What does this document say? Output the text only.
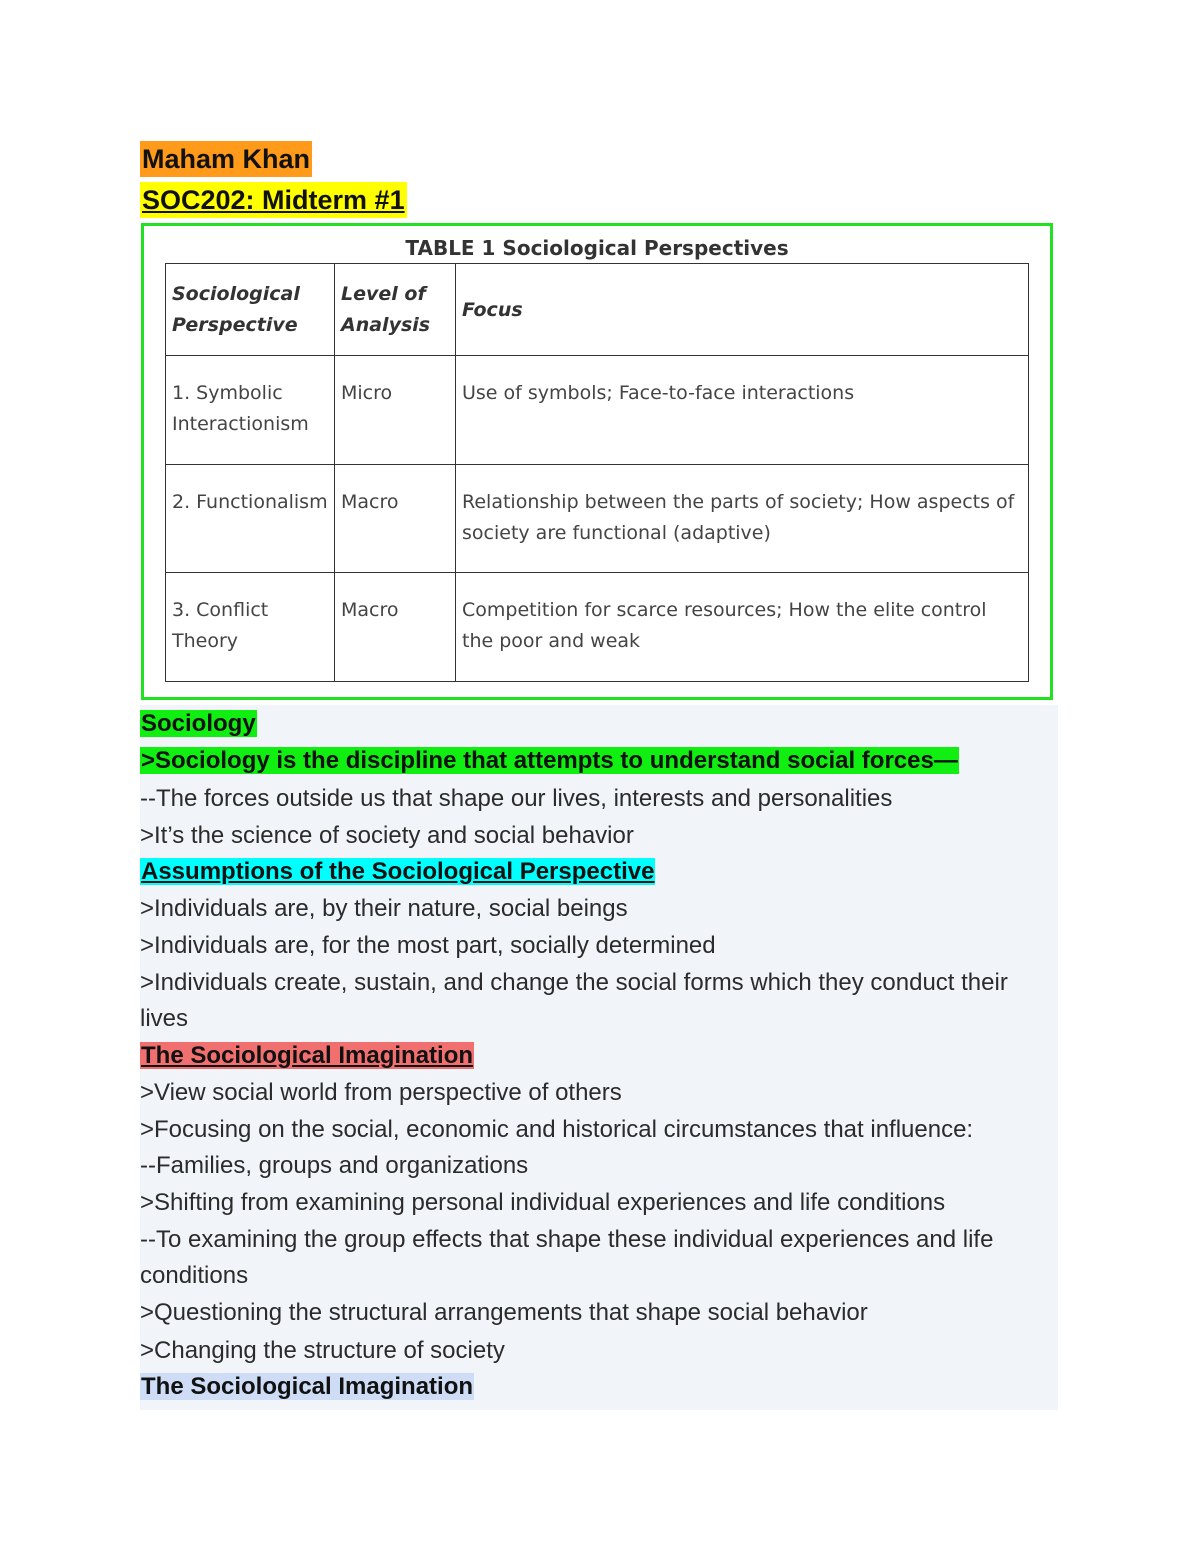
Maham Khan
SOC202: Midterm #1
TABLE 1 Sociological Perspectives
Sociological Perspective	Level of Analysis	Focus
1. Symbolic Interactionism	Micro	Use of symbols; Face-to-face interactions
2. Functionalism	Macro	Relationship between the parts of society; How aspects of society are functional (adaptive)
3. Conflict Theory	Macro	Competition for scarce resources; How the elite control the poor and weak
Sociology
>Sociology is the discipline that attempts to understand social forces—
--The forces outside us that shape our lives, interests and personalities
>It’s the science of society and social behavior
Assumptions of the Sociological Perspective
>Individuals are, by their nature, social beings
>Individuals are, for the most part, socially determined
>Individuals create, sustain, and change the social forms which they conduct their lives
The Sociological Imagination
>View social world from perspective of others
>Focusing on the social, economic and historical circumstances that influence:
--Families, groups and organizations
>Shifting from examining personal individual experiences and life conditions
--To examining the group effects that shape these individual experiences and life conditions
>Questioning the structural arrangements that shape social behavior
>Changing the structure of society
The Sociological Imagination
